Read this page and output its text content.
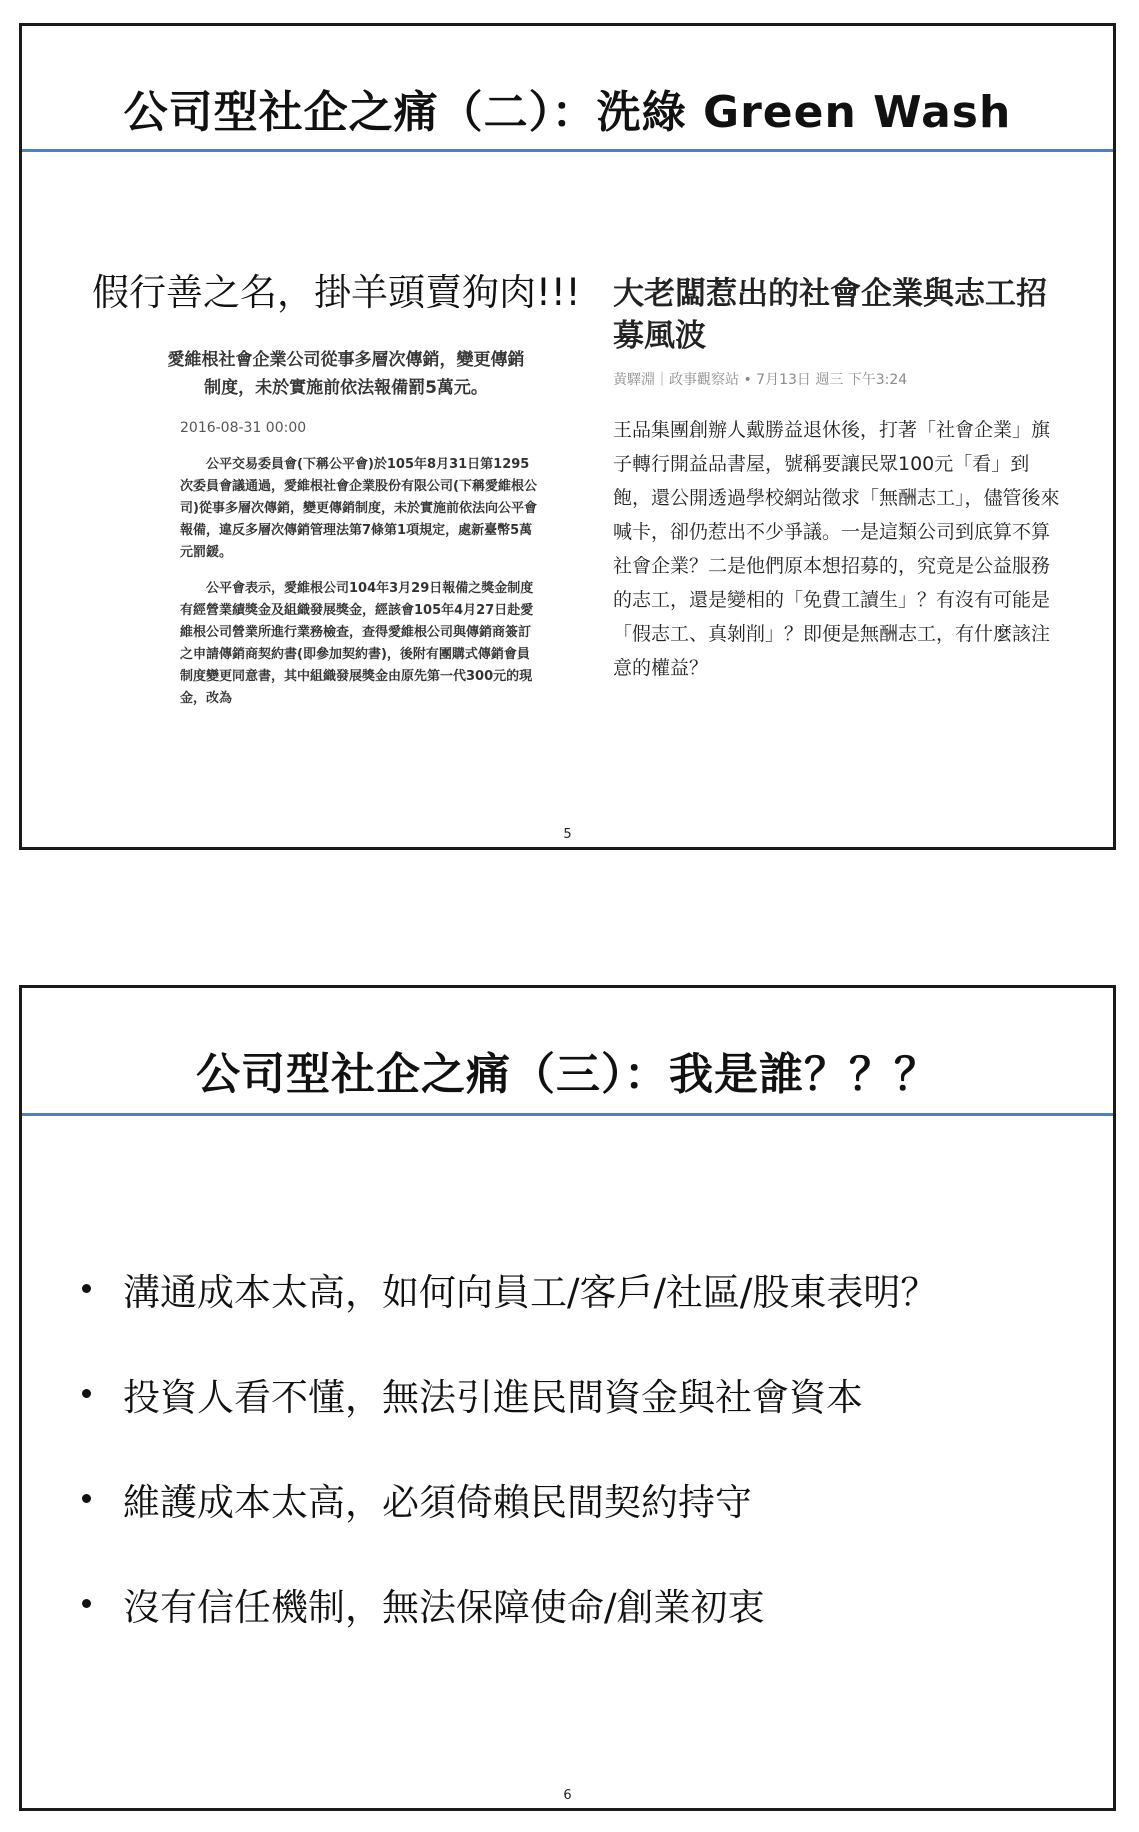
公司型社企之痛（二）：洗綠 Green Wash
假行善之名，掛羊頭賣狗肉!!!
愛維根社會企業公司從事多層次傳銷，變更傳銷制度，未於實施前依法報備罰5萬元。
2016-08-31 00:00
公平交易委員會(下稱公平會)於105年8月31日第1295次委員會議通過，愛維根社會企業股份有限公司(下稱愛維根公司)從事多層次傳銷，變更傳銷制度，未於實施前依法向公平會報備，違反多層次傳銷管理法第7條第1項規定，處新臺幣5萬元罰鍰。
公平會表示，愛維根公司104年3月29日報備之獎金制度有經營業績獎金及組織發展獎金，經該會105年4月27日赴愛維根公司營業所進行業務檢查，查得愛維根公司與傳銷商簽訂之申請傳銷商契約書(即參加契約書)，後附有團購式傳銷會員制度變更同意書，其中組織發展獎金由原先第一代300元的現金，改為
大老闆惹出的社會企業與志工招募風波
黃驛淵｜政事觀察站 • 7月13日 週三 下午3:24
王品集團創辦人戴勝益退休後，打著「社會企業」旗子轉行開益品書屋，號稱要讓民眾100元「看」到飽，還公開透過學校網站徵求「無酬志工」，儘管後來喊卡，卻仍惹出不少爭議。一是這類公司到底算不算社會企業？二是他們原本想招募的，究竟是公益服務的志工，還是變相的「免費工讀生」？有沒有可能是「假志工、真剝削」？即便是無酬志工，有什麼該注意的權益？
5
公司型社企之痛（三）：我是誰？？？
溝通成本太高，如何向員工/客戶/社區/股東表明？
投資人看不懂，無法引進民間資金與社會資本
維護成本太高，必須倚賴民間契約持守
沒有信任機制，無法保障使命/創業初衷
6
